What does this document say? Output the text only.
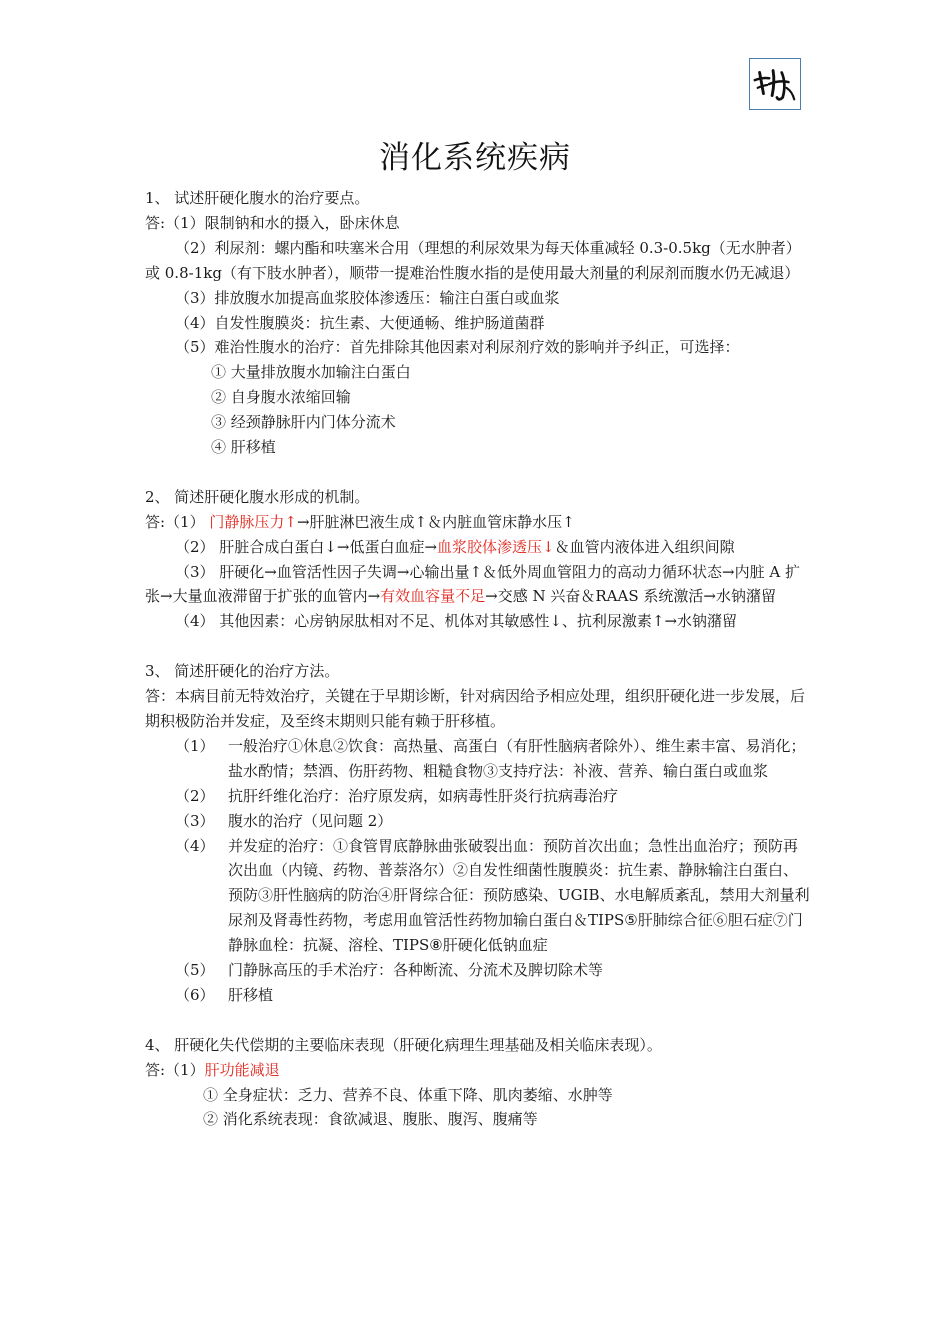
消化系统疾病

1、 试述肝硬化腹水的治疗要点。

答:（1）限制钠和水的摄入，卧床休息

（2）利尿剂：螺内酯和呋塞米合用（理想的利尿效果为每天体重减轻 0.3-0.5kg（无水肿者）或 0.8-1kg（有下肢水肿者），顺带一提难治性腹水指的是使用最大剂量的利尿剂而腹水仍无减退）

（3）排放腹水加提高血浆胶体渗透压：输注白蛋白或血浆

（4）自发性腹膜炎：抗生素、大便通畅、维护肠道菌群

（5）难治性腹水的治疗：首先排除其他因素对利尿剂疗效的影响并予纠正，可选择：

① 大量排放腹水加输注白蛋白

② 自身腹水浓缩回输

③ 经颈静脉肝内门体分流术

④ 肝移植

2、 简述肝硬化腹水形成的机制。

答:（1） 门静脉压力↑→肝脏淋巴液生成↑＆内脏血管床静水压↑

（2） 肝脏合成白蛋白↓→低蛋白血症→血浆胶体渗透压↓＆血管内液体进入组织间隙

（3） 肝硬化→血管活性因子失调→心输出量↑＆低外周血管阻力的高动力循环状态→内脏 A 扩张→大量血液滞留于扩张的血管内→有效血容量不足→交感 N 兴奋＆RAAS 系统激活→水钠潴留

（4） 其他因素：心房钠尿肽相对不足、机体对其敏感性↓、抗利尿激素↑→水钠潴留

3、 简述肝硬化的治疗方法。

答：本病目前无特效治疗，关键在于早期诊断，针对病因给予相应处理，组织肝硬化进一步发展，后期积极防治并发症，及至终末期则只能有赖于肝移植。

（1） 一般治疗①休息②饮食：高热量、高蛋白（有肝性脑病者除外）、维生素丰富、易消化；盐水酌情；禁酒、伤肝药物、粗糙食物③支持疗法：补液、营养、输白蛋白或血浆
（2） 抗肝纤维化治疗：治疗原发病，如病毒性肝炎行抗病毒治疗
（3） 腹水的治疗（见问题 2）
（4） 并发症的治疗：①食管胃底静脉曲张破裂出血：预防首次出血；急性出血治疗；预防再次出血（内镜、药物、普萘洛尔）②自发性细菌性腹膜炎：抗生素、静脉输注白蛋白、预防③肝性脑病的防治④肝肾综合征：预防感染、UGIB、水电解质紊乱，禁用大剂量利尿剂及肾毒性药物，考虑用血管活性药物加输白蛋白＆TIPS⑤肝肺综合征⑥胆石症⑦门静脉血栓：抗凝、溶栓、TIPS⑧肝硬化低钠血症
（5） 门静脉高压的手术治疗：各种断流、分流术及脾切除术等
（6） 肝移植

4、 肝硬化失代偿期的主要临床表现（肝硬化病理生理基础及相关临床表现）。

答:（1）肝功能减退

① 全身症状：乏力、营养不良、体重下降、肌肉萎缩、水肿等

② 消化系统表现：食欲减退、腹胀、腹泻、腹痛等
